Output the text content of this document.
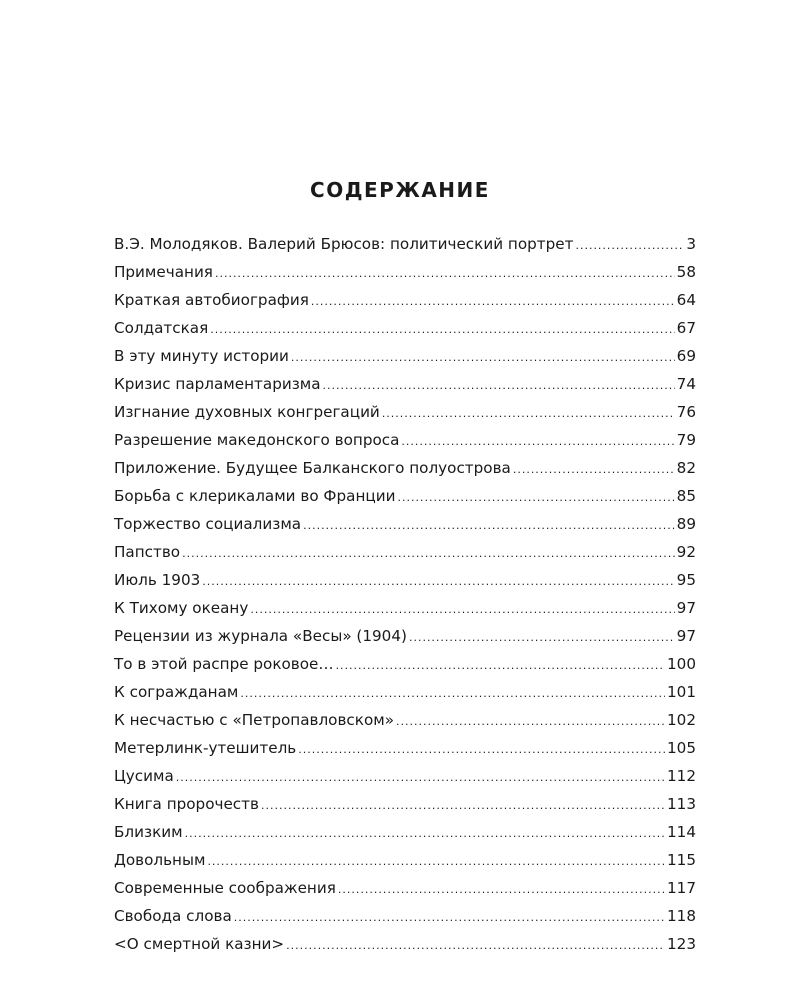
СОДЕРЖАНИЕ
В.Э. Молодяков. Валерий Брюсов: политический портрет .....	3
Примечания .....	58
Краткая автобиография .....	64
Солдатская .....	67
В эту минуту истории .....	69
Кризис парламентаризма .....	74
Изгнание духовных конгрегаций .....	76
Разрешение македонского вопроса .....	79
Приложение. Будущее Балканского полуострова .....	82
Борьба с клерикалами во Франции .....	85
Торжество социализма .....	89
Папство .....	92
Июль 1903 .....	95
К Тихому океану .....	97
Рецензии из журнала «Весы» (1904) .....	97
То в этой распре роковое… .....	100
К согражданам .....	101
К несчастью с «Петропавловском» .....	102
Метерлинк-утешитель .....	105
Цусима .....	112
Книга пророчеств .....	113
Близким .....	114
Довольным .....	115
Современные соображения .....	117
Свобода слова .....	118
<О смертной казни> .....	123
